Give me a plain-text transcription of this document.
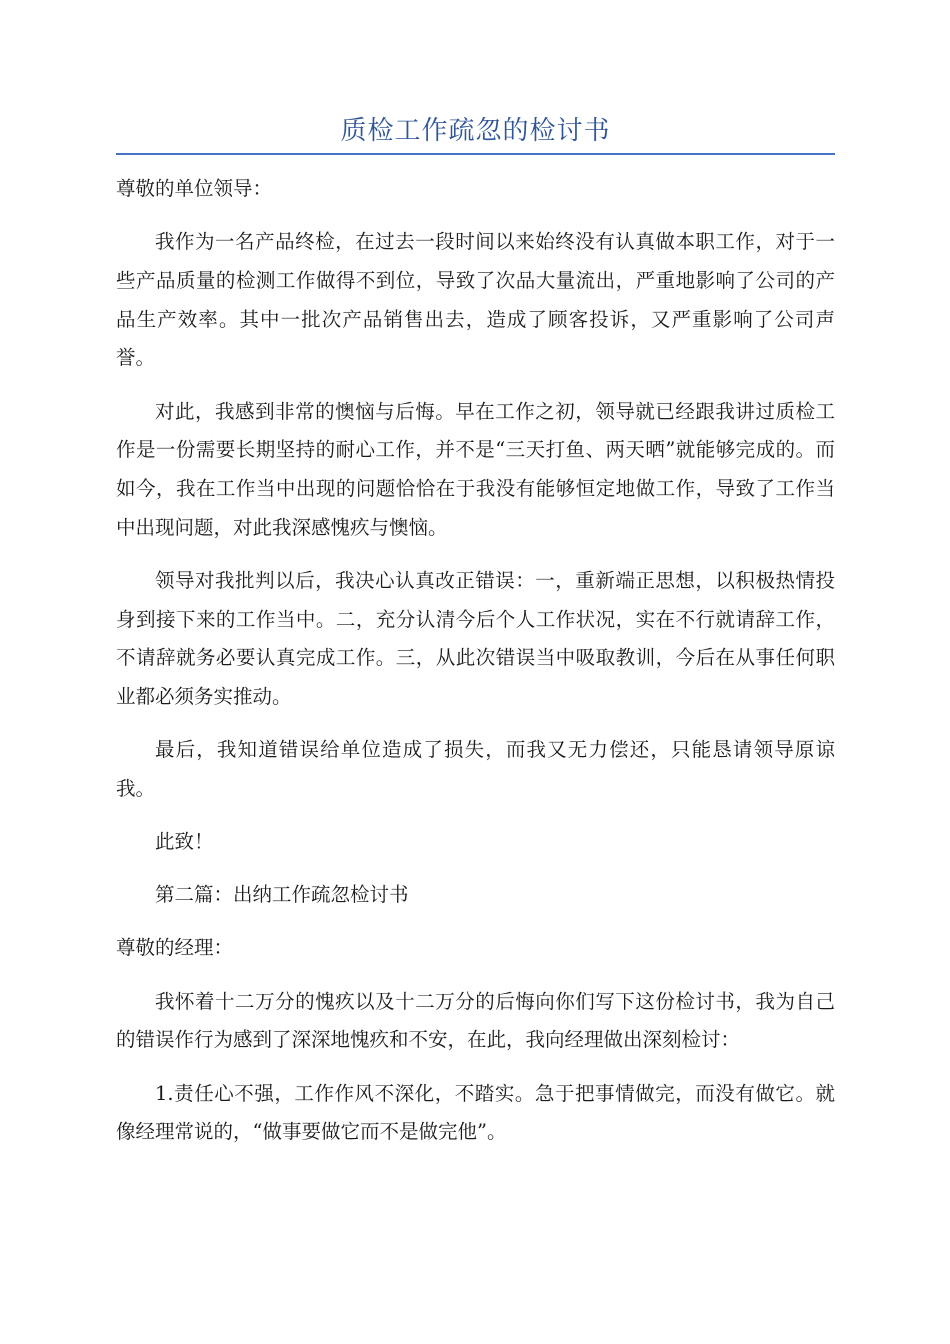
质检工作疏忽的检讨书

尊敬的单位领导：

我作为一名产品终检，在过去一段时间以来始终没有认真做本职工作，对于一些产品质量的检测工作做得不到位，导致了次品大量流出，严重地影响了公司的产品生产效率。其中一批次产品销售出去，造成了顾客投诉，又严重影响了公司声誉。

对此，我感到非常的懊恼与后悔。早在工作之初，领导就已经跟我讲过质检工作是一份需要长期坚持的耐心工作，并不是“三天打鱼、两天晒”就能够完成的。而如今，我在工作当中出现的问题恰恰在于我没有能够恒定地做工作，导致了工作当中出现问题，对此我深感愧疚与懊恼。

领导对我批判以后，我决心认真改正错误：一，重新端正思想，以积极热情投身到接下来的工作当中。二，充分认清今后个人工作状况，实在不行就请辞工作，不请辞就务必要认真完成工作。三，从此次错误当中吸取教训，今后在从事任何职业都必须务实推动。

最后，我知道错误给单位造成了损失，而我又无力偿还，只能恳请领导原谅我。

此致！

第二篇：出纳工作疏忽检讨书

尊敬的经理：

我怀着十二万分的愧疚以及十二万分的后悔向你们写下这份检讨书，我为自己的错误作行为感到了深深地愧疚和不安，在此，我向经理做出深刻检讨：

1.责任心不强，工作作风不深化，不踏实。急于把事情做完，而没有做它。就像经理常说的，“做事要做它而不是做完他”。
